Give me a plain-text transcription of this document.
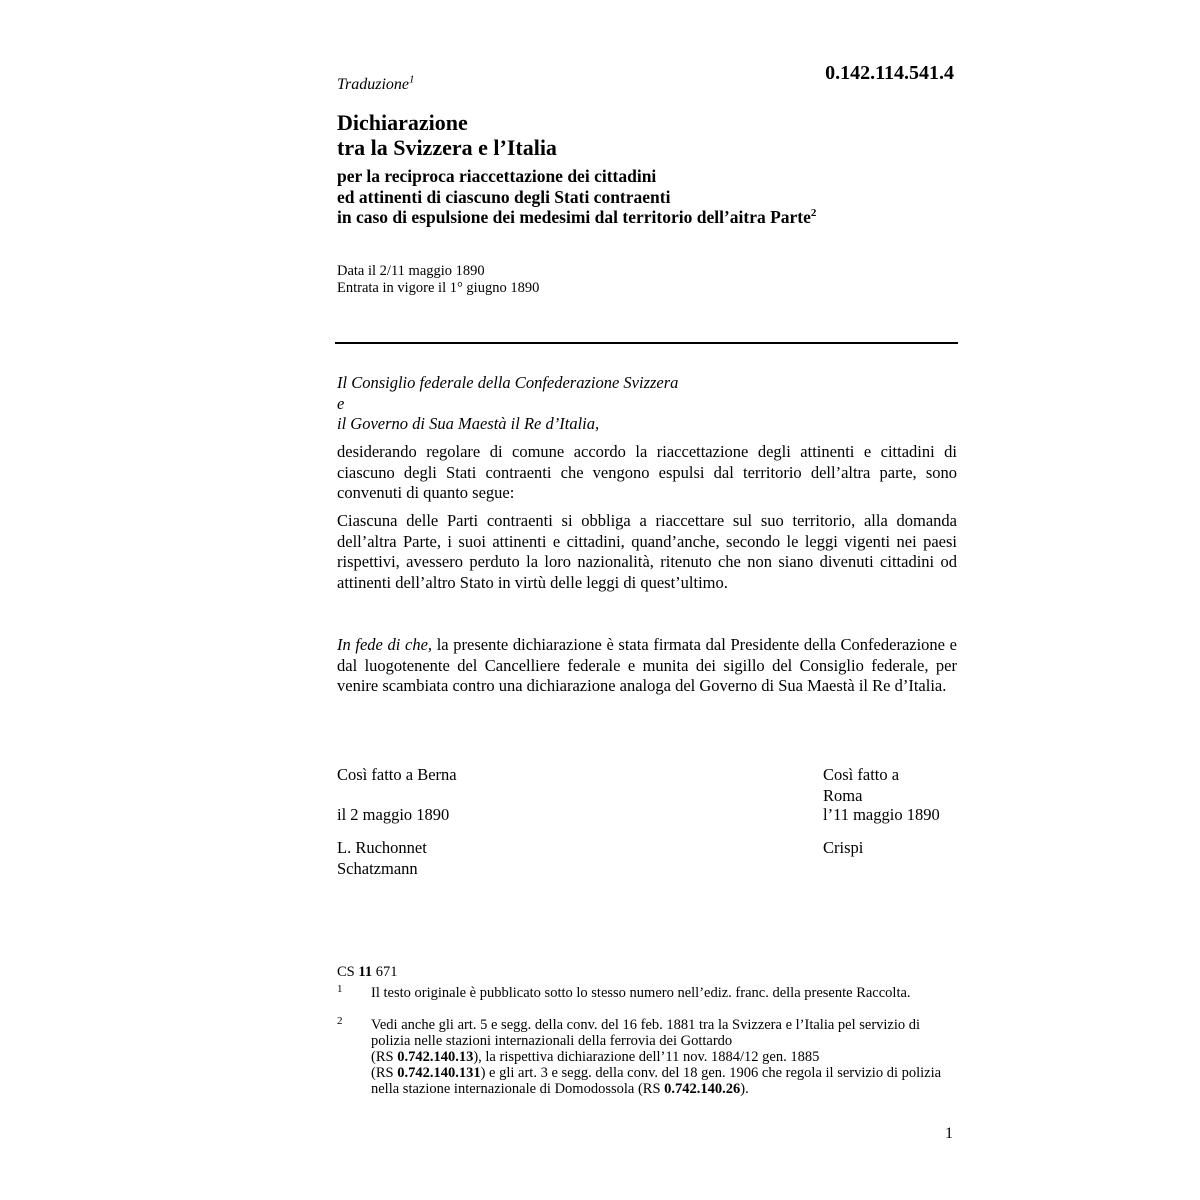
Traduzione$^1$	0.142.114.541.4
Dichiarazione
tra la Svizzera e l’Italia
per la reciproca riaccettazione dei cittadini
ed attinenti di ciascuno degli Stati contraenti
in caso di espulsione dei medesimi dal territorio dell’aitra Parte$^2$
Data il 2/11 maggio 1890
Entrata in vigore il 1° giugno 1890
Il Consiglio federale della Confederazione Svizzera
e
il Governo di Sua Maestà il Re d’Italia,
desiderando regolare di comune accordo la riaccettazione degli attinenti e cittadini di ciascuno degli Stati contraenti che vengono espulsi dal territorio dell’altra parte, sono convenuti di quanto segue:
Ciascuna delle Parti contraenti si obbliga a riaccettare sul suo territorio, alla domanda dell’altra Parte, i suoi attinenti e cittadini, quand’anche, secondo le leggi vigenti nei paesi rispettivi, avessero perduto la loro nazionalità, ritenuto che non siano divenuti cittadini od attinenti dell’altro Stato in virtù delle leggi di quest’ultimo.
In fede di che, la presente dichiarazione è stata firmata dal Presidente della Confederazione e dal luogotenente del Cancelliere federale e munita dei sigillo del Consiglio federale, per venire scambiata contro una dichiarazione analoga del Governo di Sua Maestà il Re d’Italia.
Così fatto a Berna
il 2 maggio 1890
L. Ruchonnet
Schatzmann
Così fatto a
Roma
l’11 maggio 1890
Crispi
CS 11 671
1 Il testo originale è pubblicato sotto lo stesso numero nell’ediz. franc. della presente Raccolta.
2 Vedi anche gli art. 5 e segg. della conv. del 16 feb. 1881 tra la Svizzera e l’Italia pel servizio di polizia nelle stazioni internazionali della ferrovia dei Gottardo
(RS 0.742.140.13), la rispettiva dichiarazione dell’11 nov. 1884/12 gen. 1885
(RS 0.742.140.131) e gli art. 3 e segg. della conv. del 18 gen. 1906 che regola il servizio di polizia nella stazione internazionale di Domodossola (RS 0.742.140.26).
1
